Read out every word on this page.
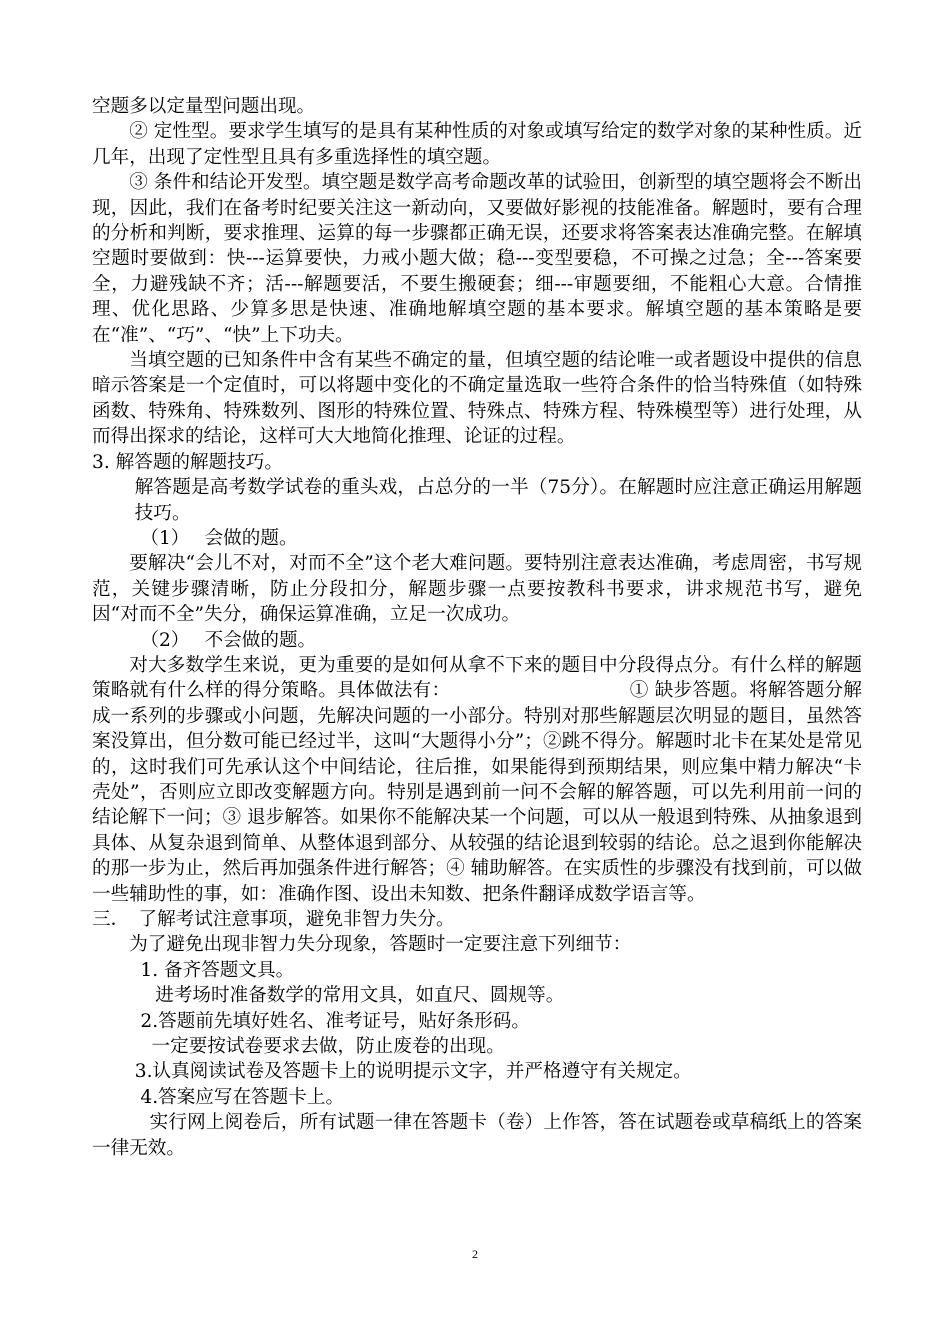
空题多以定量型问题出现。

② 定性型。要求学生填写的是具有某种性质的对象或填写给定的数学对象的某种性质。近几年，出现了定性型且具有多重选择性的填空题。

③ 条件和结论开发型。填空题是数学高考命题改革的试验田，创新型的填空题将会不断出现，因此，我们在备考时纪要关注这一新动向，又要做好影视的技能准备。解题时，要有合理的分析和判断，要求推理、运算的每一步骤都正确无误，还要求将答案表达准确完整。在解填空题时要做到：快---运算要快，力戒小题大做；稳---变型要稳，不可操之过急；全---答案要全，力避残缺不齐；活---解题要活，不要生搬硬套；细---审题要细，不能粗心大意。合情推理、优化思路、少算多思是快速、准确地解填空题的基本要求。解填空题的基本策略是要在“准”、“巧”、“快”上下功夫。

当填空题的已知条件中含有某些不确定的量，但填空题的结论唯一或者题设中提供的信息暗示答案是一个定值时，可以将题中变化的不确定量选取一些符合条件的恰当特殊值（如特殊函数、特殊角、特殊数列、图形的特殊位置、特殊点、特殊方程、特殊模型等）进行处理，从而得出探求的结论，这样可大大地简化推理、论证的过程。

3. 解答题的解题技巧。

解答题是高考数学试卷的重头戏，占总分的一半（75分）。在解题时应注意正确运用解题技巧。

（1）　 会做的题。

要解决“会儿不对，对而不全”这个老大难问题。要特别注意表达准确，考虑周密，书写规范，关键步骤清晰，防止分段扣分，解题步骤一点要按教科书要求，讲求规范书写，避免因“对而不全”失分，确保运算准确，立足一次成功。

（2）　 不会做的题。

对大多数学生来说，更为重要的是如何从拿不下来的题目中分段得点分。有什么样的解题策略就有什么样的得分策略。具体做法有：　　　　　　　　　　① 缺步答题。将解答题分解成一系列的步骤或小问题，先解决问题的一小部分。特别对那些解题层次明显的题目，虽然答案没算出，但分数可能已经过半，这叫“大题得小分”；②跳不得分。解题时北卡在某处是常见的，这时我们可先承认这个中间结论，往后推，如果能得到预期结果，则应集中精力解决“卡壳处”，否则应立即改变解题方向。特别是遇到前一问不会解的解答题，可以先利用前一问的结论解下一问；③ 退步解答。如果你不能解决某一个问题，可以从一般退到特殊、从抽象退到具体、从复杂退到简单、从整体退到部分、从较强的结论退到较弱的结论。总之退到你能解决的那一步为止，然后再加强条件进行解答；④ 辅助解答。在实质性的步骤没有找到前，可以做一些辅助性的事，如：准确作图、设出未知数、把条件翻译成数学语言等。

三．　了解考试注意事项，避免非智力失分。

为了避免出现非智力失分现象，答题时一定要注意下列细节：

1. 备齐答题文具。

进考场时准备数学的常用文具，如直尺、圆规等。

2.答题前先填好姓名、准考证号，贴好条形码。

一定要按试卷要求去做，防止废卷的出现。

3.认真阅读试卷及答题卡上的说明提示文字，并严格遵守有关规定。

4.答案应写在答题卡上。

实行网上阅卷后，所有试题一律在答题卡（卷）上作答，答在试题卷或草稿纸上的答案一律无效。

2
